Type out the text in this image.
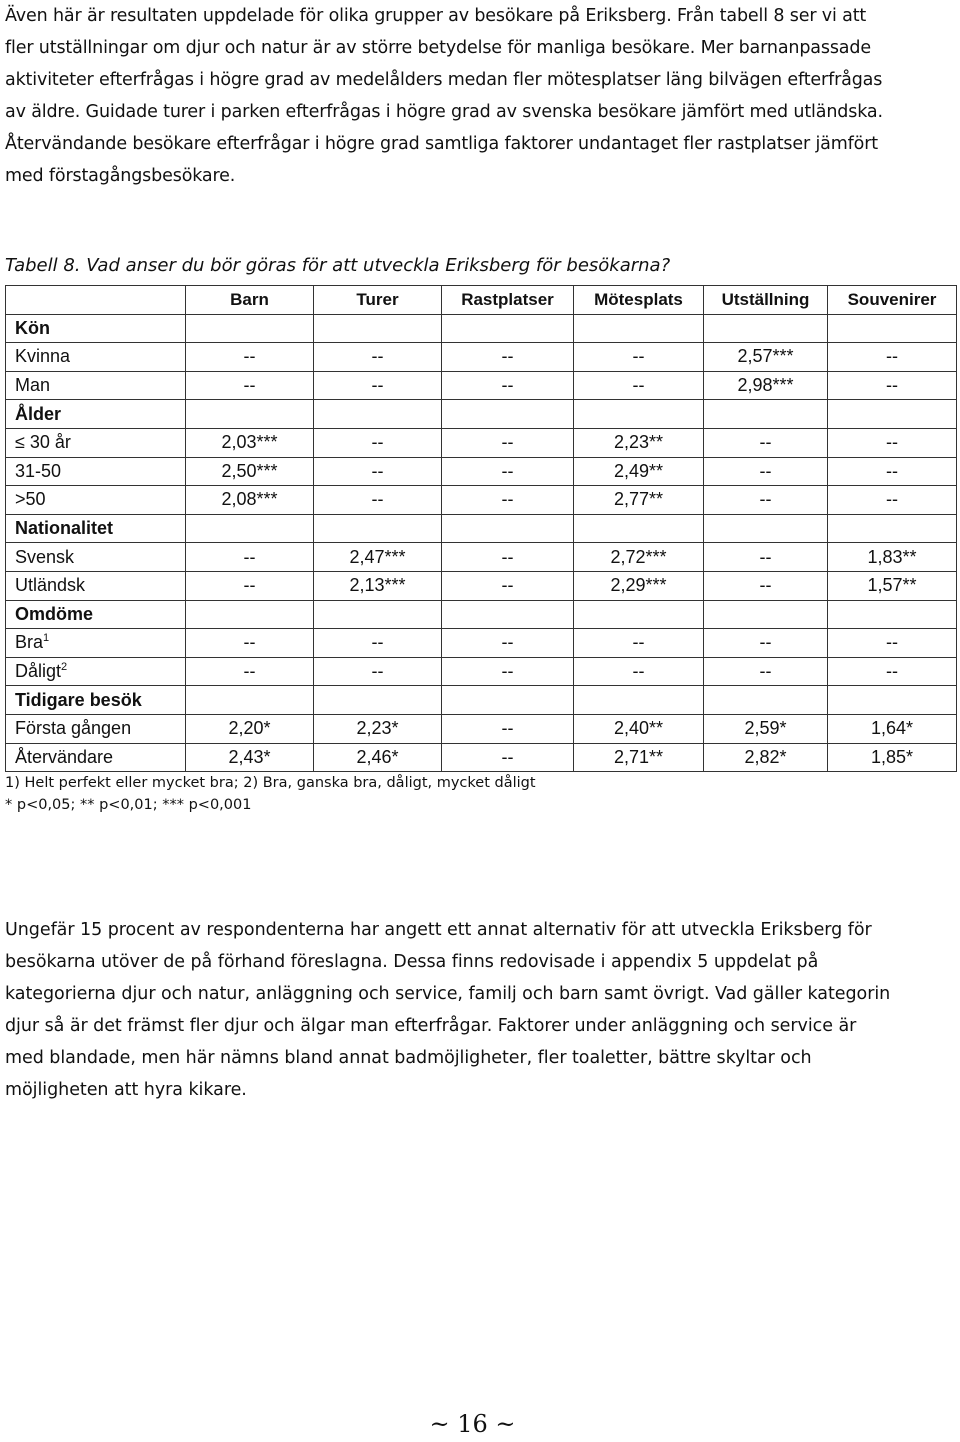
Även här är resultaten uppdelade för olika grupper av besökare på Eriksberg. Från tabell 8 ser vi att
fler utställningar om djur och natur är av större betydelse för manliga besökare. Mer barnanpassade
aktiviteter efterfrågas i högre grad av medelålders medan fler mötesplatser läng bilvägen efterfrågas
av äldre. Guidade turer i parken efterfrågas i högre grad av svenska besökare jämfört med utländska.
Återvändande besökare efterfrågar i högre grad samtliga faktorer undantaget fler rastplatser jämfört
med förstagångsbesökare.

Tabell 8. Vad anser du bör göras för att utveckla Eriksberg för besökarna?

	Barn	Turer	Rastplatser	Mötesplats	Utställning	Souvenirer
Kön						
Kvinna	--	--	--	--	2,57***	--
Man	--	--	--	--	2,98***	--
Ålder						
≤ 30 år	2,03***	--	--	2,23**	--	--
31-50	2,50***	--	--	2,49**	--	--
>50	2,08***	--	--	2,77**	--	--
Nationalitet						
Svensk	--	2,47***	--	2,72***	--	1,83**
Utländsk	--	2,13***	--	2,29***	--	1,57**
Omdöme						
Bra$^1$	--	--	--	--	--	--
Dåligt$^2$	--	--	--	--	--	--
Tidigare besök						
Första gången	2,20*	2,23*	--	2,40**	2,59*	1,64*
Återvändare	2,43*	2,46*	--	2,71**	2,82*	1,85*
1) Helt perfekt eller mycket bra; 2) Bra, ganska bra, dåligt, mycket dåligt
* p<0,05; ** p<0,01; *** p<0,001

Ungefär 15 procent av respondenterna har angett ett annat alternativ för att utveckla Eriksberg för
besökarna utöver de på förhand föreslagna. Dessa finns redovisade i appendix 5 uppdelat på
kategorierna djur och natur, anläggning och service, familj och barn samt övrigt. Vad gäller kategorin
djur så är det främst fler djur och älgar man efterfrågar. Faktorer under anläggning och service är
med blandade, men här nämns bland annat badmöjligheter, fler toaletter, bättre skyltar och
möjligheten att hyra kikare.

~ 16 ~
